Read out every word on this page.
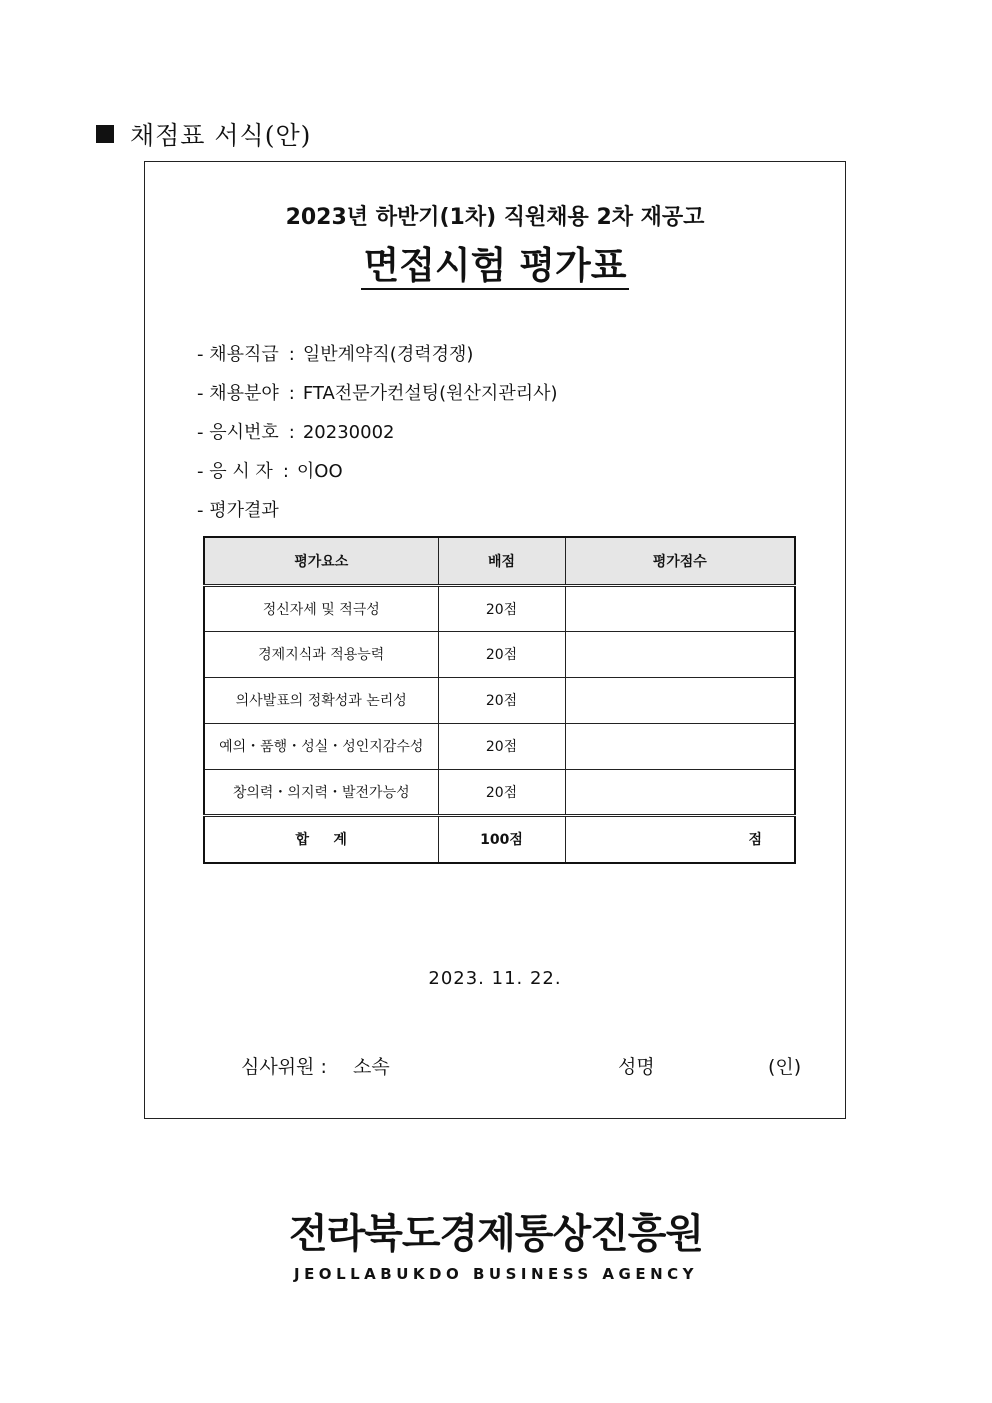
채점표 서식(안)
2023년 하반기(1차) 직원채용 2차 재공고
면접시험 평가표
- 채용직급 : 일반계약직(경력경쟁)
- 채용분야 : FTA전문가컨설팅(원산지관리사)
- 응시번호 : 20230002
- 응 시 자 : 이OO
- 평가결과
평가요소	배점	평가점수
정신자세 및 적극성	20점	
경제지식과 적용능력	20점	
의사발표의 정확성과 논리성	20점	
예의・품행・성실・성인지감수성	20점	
창의력・의지력・발전가능성	20점	
합     계	100점	점
2023. 11. 22.
심사위원 : 소속	성명	(인)
전라북도경제통상진흥원
JEOLLABUKDO BUSINESS AGENCY
